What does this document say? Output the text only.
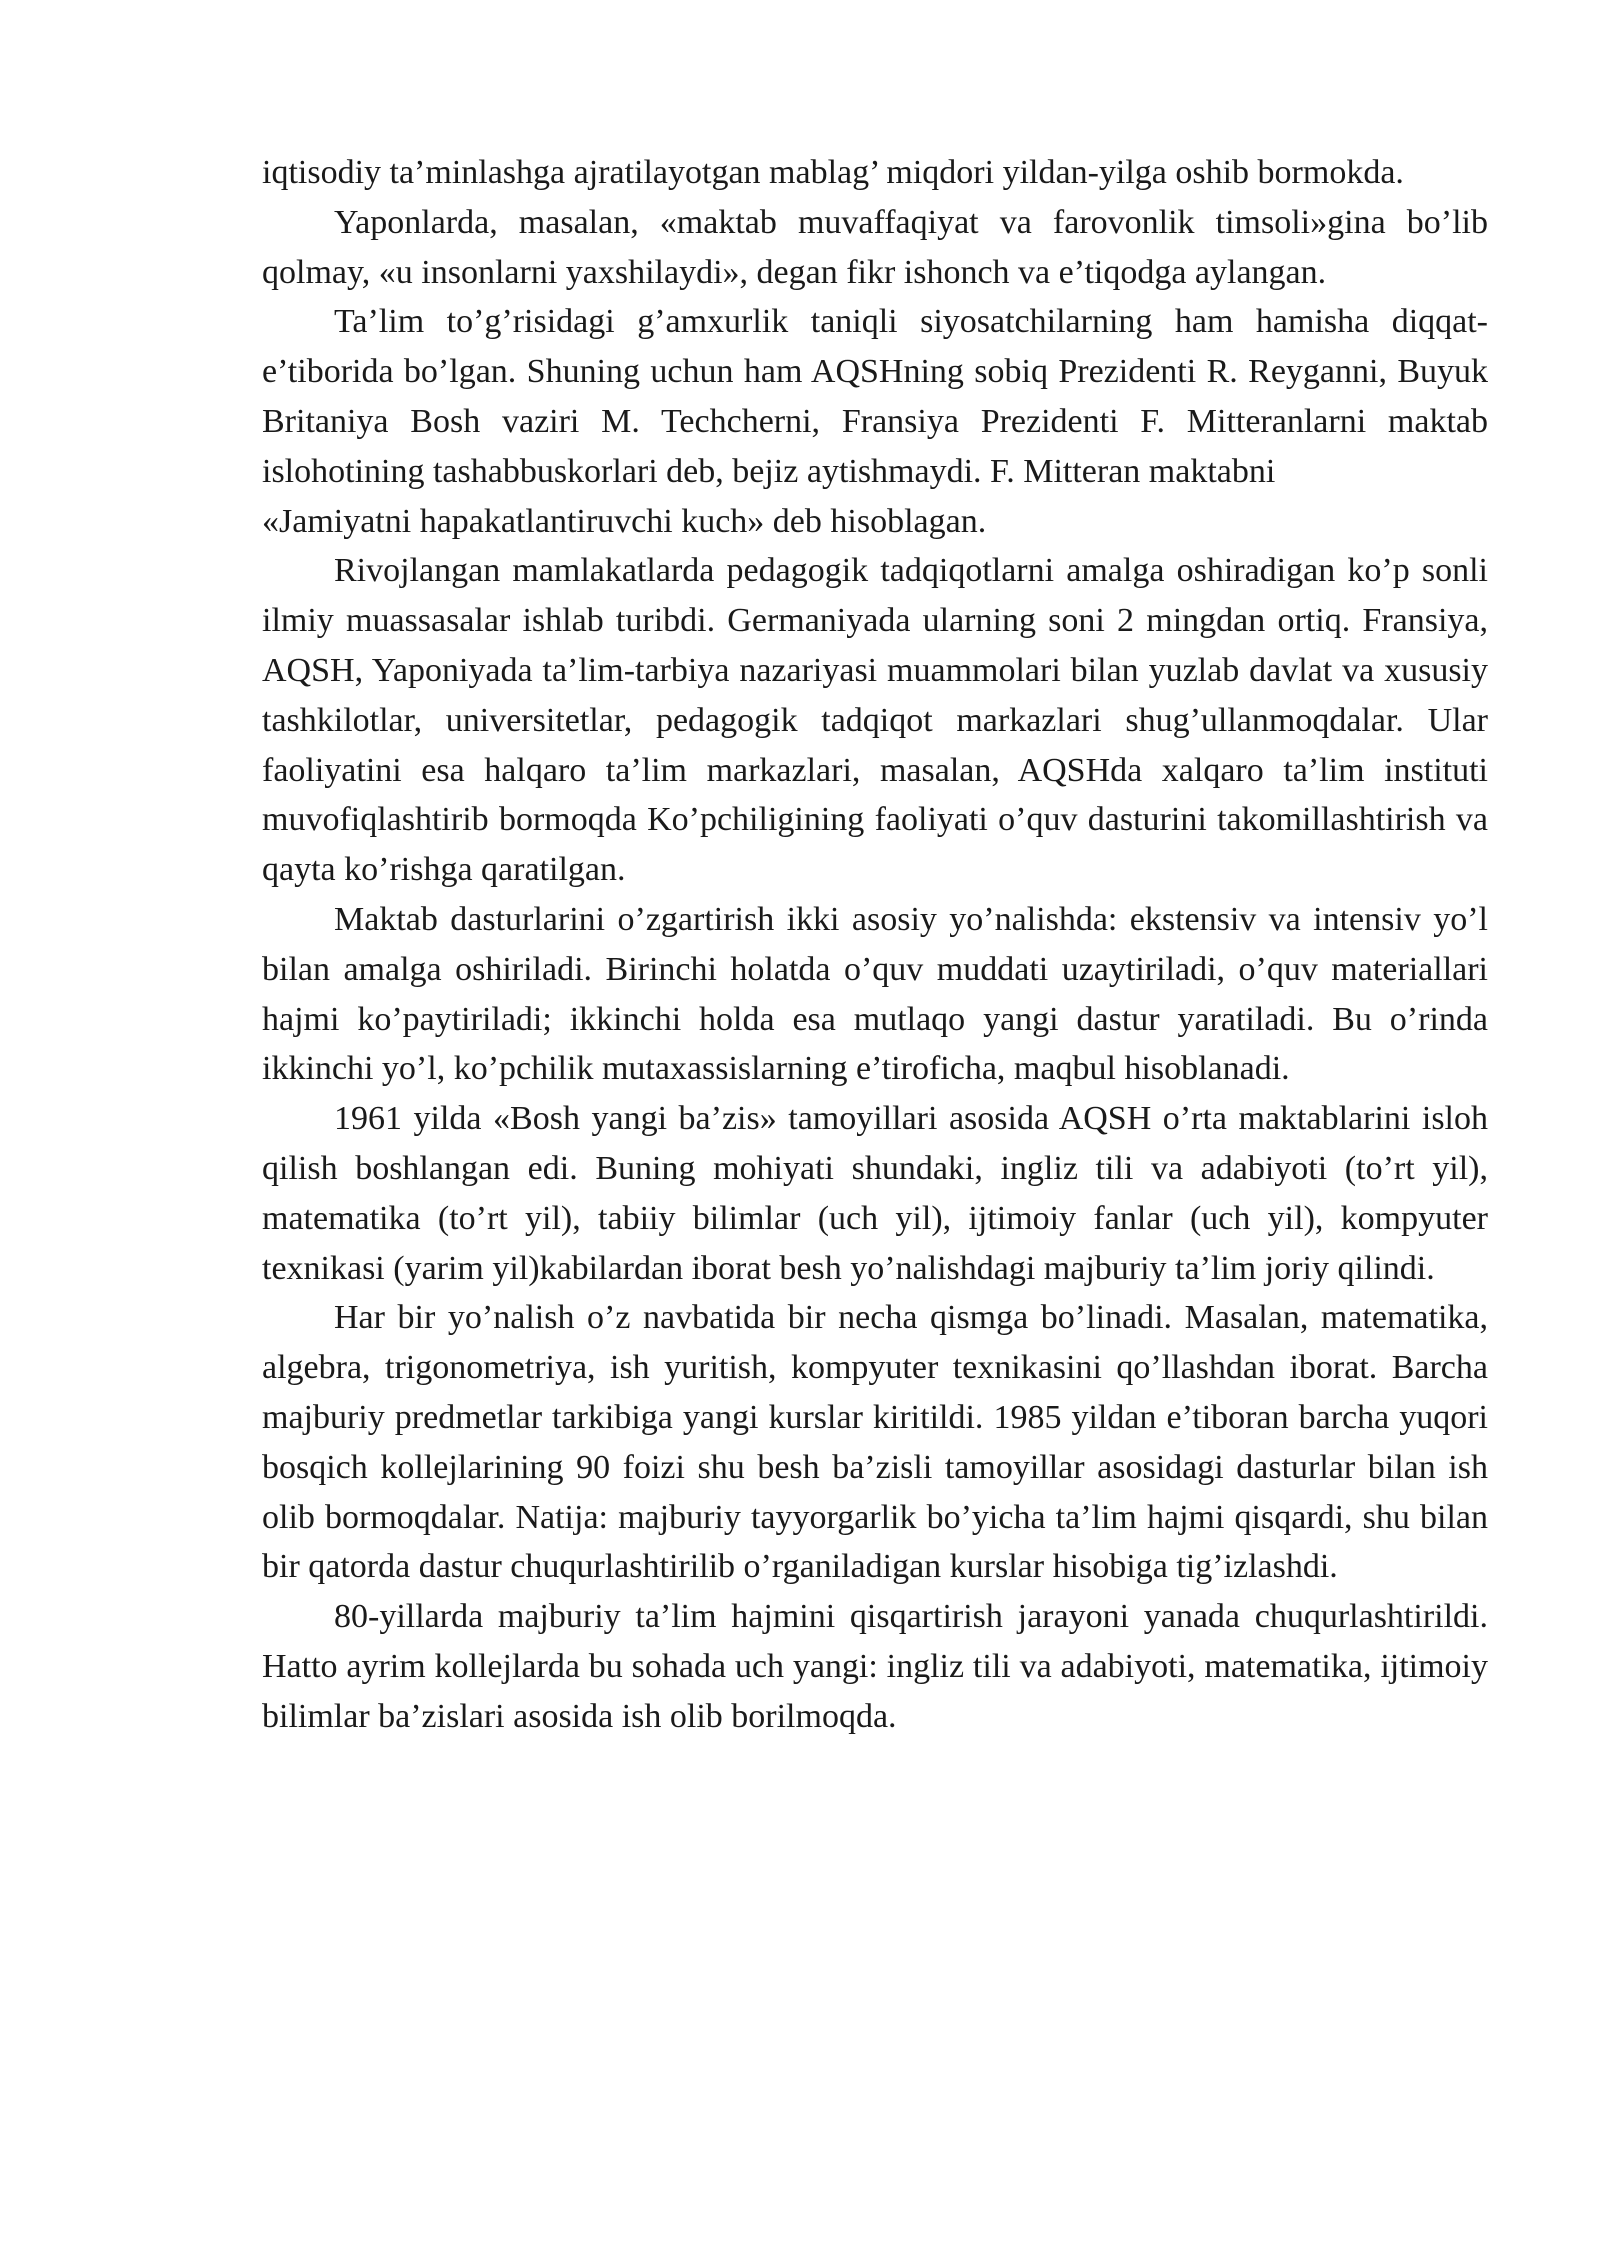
iqtisodiy ta’minlashga ajratilayotgan mablag’ miqdori yildan-yilga oshib bormokda.

Yaponlarda, masalan, «maktab muvaffaqiyat va farovonlik timsoli»gina bo’lib qolmay, «u insonlarni yaxshilaydi», degan fikr ishonch va e’tiqodga aylangan.

Ta’lim to’g’risidagi g’amxurlik taniqli siyosatchilarning ham hamisha diqqat- e’tiborida bo’lgan. Shuning uchun ham AQSHning sobiq Prezidenti R. Reyganni, Buyuk Britaniya Bosh vaziri M. Techcherni, Fransiya Prezidenti F. Mitteranlarni maktab islohotining tashabbuskorlari deb, bejiz aytishmaydi. F. Mitteran maktabni

«Jamiyatni hapakatlantiruvchi kuch» deb hisoblagan.

Rivojlangan mamlakatlarda pedagogik tadqiqotlarni amalga oshiradigan ko’p sonli ilmiy muassasalar ishlab turibdi. Germaniyada ularning soni 2 mingdan ortiq. Fransiya, AQSH, Yaponiyada ta’lim-tarbiya nazariyasi muammolari bilan yuzlab davlat va xususiy tashkilotlar, universitetlar, pedagogik tadqiqot markazlari shug’ullanmoqdalar. Ular faoliyatini esa halqaro ta’lim markazlari, masalan, AQSHda xalqaro ta’lim instituti muvofiqlashtirib bormoqda Ko’pchiligining faoliyati o’quv dasturini takomillashtirish va qayta ko’rishga qaratilgan.

Maktab dasturlarini o’zgartirish ikki asosiy yo’nalishda: ekstensiv va intensiv yo’l bilan amalga oshiriladi. Birinchi holatda o’quv muddati uzaytiriladi, o’quv materiallari hajmi ko’paytiriladi; ikkinchi holda esa mutlaqo yangi dastur yaratiladi. Bu o’rinda ikkinchi yo’l, ko’pchilik mutaxassislarning e’tiroficha, maqbul hisoblanadi.

1961 yilda «Bosh yangi ba’zis» tamoyillari asosida AQSH o’rta maktablarini isloh qilish boshlangan edi. Buning mohiyati shundaki, ingliz tili va adabiyoti (to’rt yil), matematika (to’rt yil), tabiiy bilimlar (uch yil), ijtimoiy fanlar (uch yil), kompyuter texnikasi (yarim yil)kabilardan iborat besh yo’nalishdagi majburiy ta’lim joriy qilindi.

Har bir yo’nalish o’z navbatida bir necha qismga bo’linadi. Masalan, matematika, algebra, trigonometriya, ish yuritish, kompyuter texnikasini qo’llashdan iborat. Barcha majburiy predmetlar tarkibiga yangi kurslar kiritildi. 1985 yildan e’tiboran barcha yuqori bosqich kollejlarining 90 foizi shu besh ba’zisli tamoyillar asosidagi dasturlar bilan ish olib bormoqdalar. Natija: majburiy tayyorgarlik bo’yicha ta’lim hajmi qisqardi, shu bilan bir qatorda dastur chuqurlashtirilib o’rganiladigan kurslar hisobiga tig’izlashdi.

80-yillarda majburiy ta’lim hajmini qisqartirish jarayoni yanada chuqurlashtirildi. Hatto ayrim kollejlarda bu sohada uch yangi: ingliz tili va adabiyoti, matematika, ijtimoiy bilimlar ba’zislari asosida ish olib borilmoqda.
